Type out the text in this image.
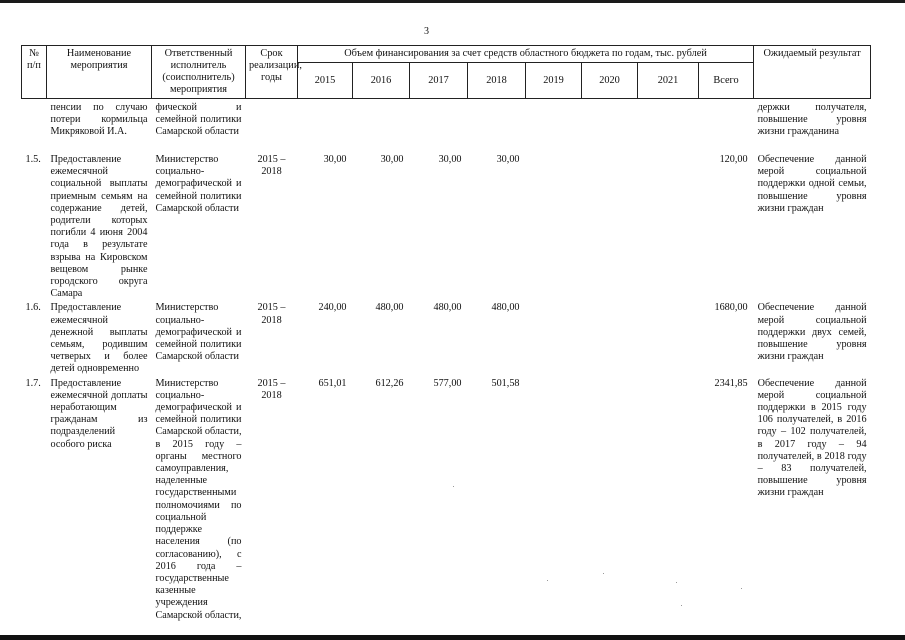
3
№ п/п	Наименование мероприятия	Ответственный исполнитель (соисполнитель) мероприятия	Срок реализации, годы	Объем финансирования за счет средств областного бюджета по годам, тыс. рублей								Ожидаемый результат
				2015	2016	2017	2018	2019	2020	2021	Всего	
	пенсии по случаю потери кормильца Микряковой И.А.	фической и семейной политики Самарской области										держки получателя, повышение уровня жизни гражданина
1.5.	Предоставление ежемесячной социальной выплаты приемным семьям на содержание детей, родители которых погибли 4 июня 2004 года в результате взрыва на Кировском вещевом рынке городского округа Самара	Министерство социально-демографической и семейной политики Самарской области	2015 – 2018	30,00	30,00	30,00	30,00				120,00	Обеспечение данной мерой социальной поддержки одной семьи, повышение уровня жизни граждан
1.6.	Предоставление ежемесячной денежной выплаты семьям, родившим четверых и более детей одновременно	Министерство социально-демографической и семейной политики Самарской области	2015 – 2018	240,00	480,00	480,00	480,00				1680,00	Обеспечение данной мерой социальной поддержки двух семей, повышение уровня жизни граждан
1.7.	Предоставление ежемесячной доплаты неработающим гражданам из подразделений особого риска	Министерство социально-демографической и семейной политики Самарской области, в 2015 году – органы местного самоуправления, наделенные государственными полномочиями по социальной поддержке населения (по согласованию), с 2016 года – государственные казенные учреждения Самарской области,	2015 – 2018	651,01	612,26	577,00	501,58				2341,85	Обеспечение данной мерой социальной поддержки в 2015 году 106 получателей, в 2016 году – 102 получателей, в 2017 году – 94 получателей, в 2018 году – 83 получателей, повышение уровня жизни граждан
